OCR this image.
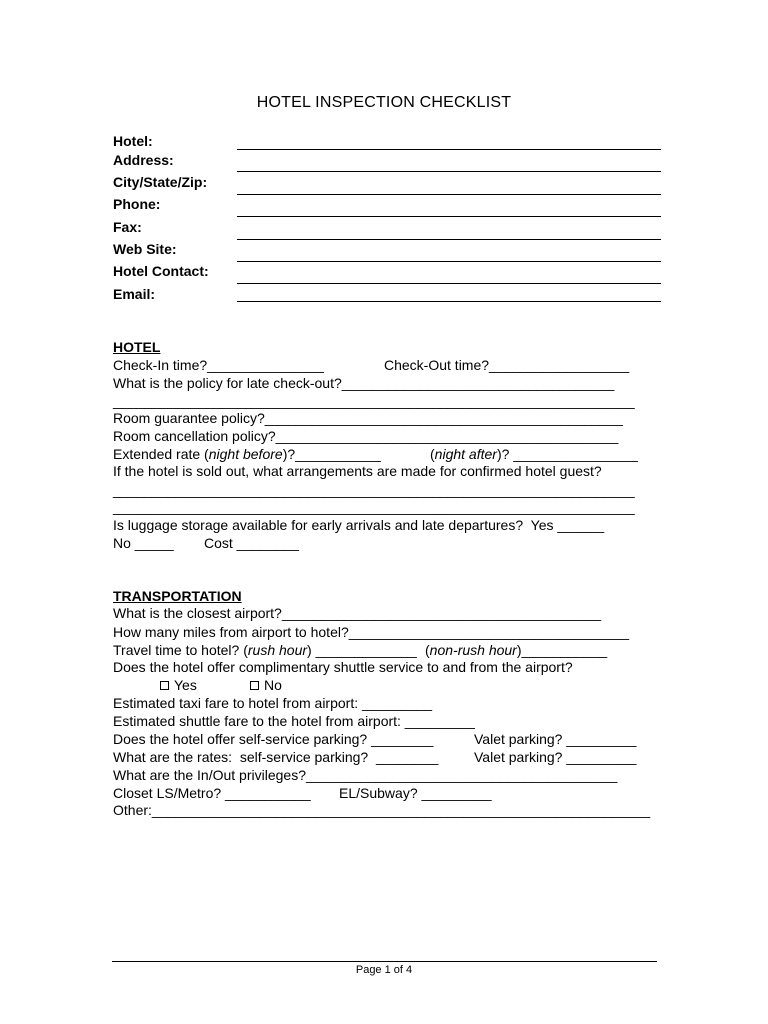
HOTEL INSPECTION CHECKLIST
Hotel:
Address:
City/State/Zip:
Phone:
Fax:
Web Site:
Hotel Contact:
Email:
HOTEL
Check-In time?_______________	Check-Out time?__________________
What is the policy for late check-out?___________________________________
___________________________________________________________________
Room guarantee policy?______________________________________________
Room cancellation policy?____________________________________________
Extended rate (night before)?___________	(night after)? ________________
If the hotel is sold out, what arrangements are made for confirmed hotel guest?
___________________________________________________________________
___________________________________________________________________
Is luggage storage available for early arrivals and late departures?  Yes ______
No _____ Cost ________
TRANSPORTATION
What is the closest airport?_________________________________________
How many miles from airport to hotel?____________________________________
Travel time to hotel? (rush hour) _____________ (non-rush hour)___________
Does the hotel offer complimentary shuttle service to and from the airport?
Yes	No
Estimated taxi fare to hotel from airport: _________
Estimated shuttle fare to the hotel from airport: _________
Does the hotel offer self-service parking? ________	Valet parking? _________
What are the rates:  self-service parking?  ________	Valet parking? _________
What are the In/Out privileges?________________________________________
Closet LS/Metro? ___________ EL/Subway? _________
Other:________________________________________________________________
Page 1 of 4
